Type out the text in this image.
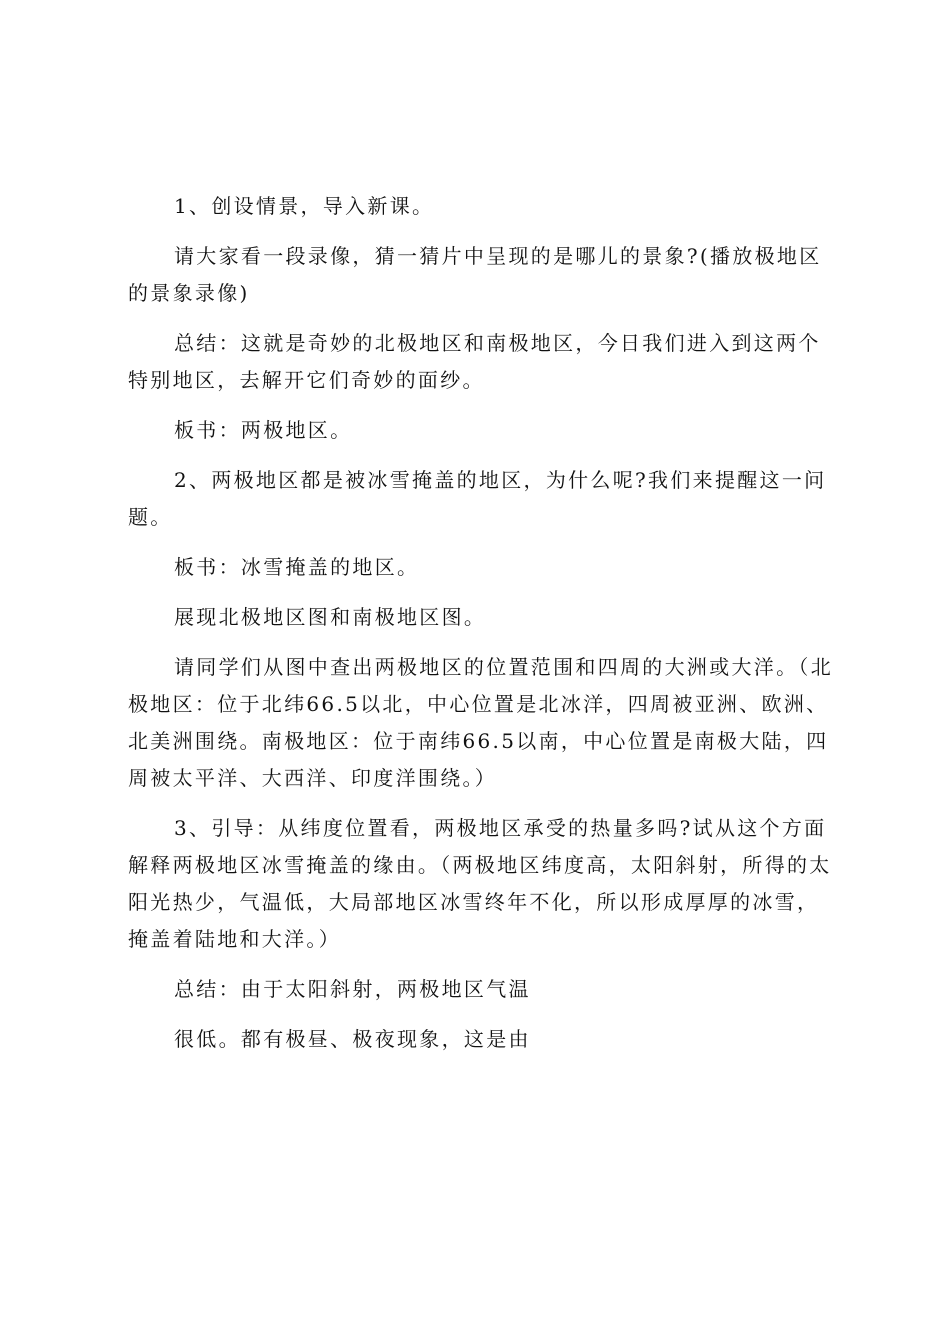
1、创设情景，导入新课。

请大家看一段录像，猜一猜片中呈现的是哪儿的景象?(播放极地区的景象录像)

总结：这就是奇妙的北极地区和南极地区，今日我们进入到这两个特别地区，去解开它们奇妙的面纱。

板书：两极地区。

2、两极地区都是被冰雪掩盖的地区，为什么呢?我们来提醒这一问题。

板书：冰雪掩盖的地区。

展现北极地区图和南极地区图。

请同学们从图中查出两极地区的位置范围和四周的大洲或大洋。（北极地区：位于北纬66.5以北，中心位置是北冰洋，四周被亚洲、欧洲、北美洲围绕。南极地区：位于南纬66.5以南，中心位置是南极大陆，四周被太平洋、大西洋、印度洋围绕。）

3、引导：从纬度位置看，两极地区承受的热量多吗?试从这个方面解释两极地区冰雪掩盖的缘由。（两极地区纬度高，太阳斜射，所得的太阳光热少，气温低，大局部地区冰雪终年不化，所以形成厚厚的冰雪，掩盖着陆地和大洋。）

总结：由于太阳斜射，两极地区气温

很低。都有极昼、极夜现象，这是由
